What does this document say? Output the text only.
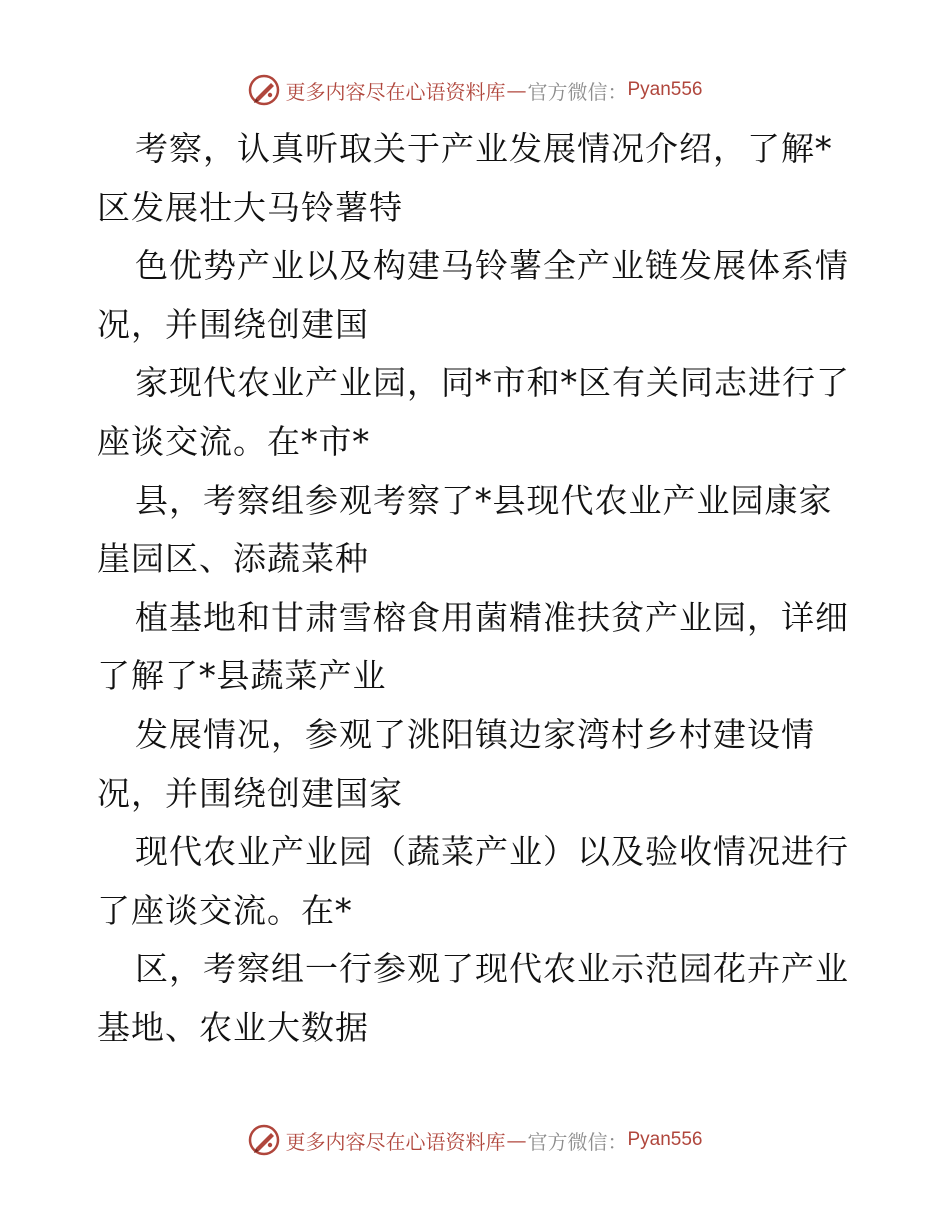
更多内容尽在心语资料库 — 官方微信： Pyan556
考察，认真听取关于产业发展情况介绍，了解*
区发展壮大马铃薯特
色优势产业以及构建马铃薯全产业链发展体系情
况，并围绕创建国
家现代农业产业园，同*市和*区有关同志进行了
座谈交流。在*市*
县，考察组参观考察了*县现代农业产业园康家
崖园区、添蔬菜种
植基地和甘肃雪榕食用菌精准扶贫产业园，详细
了解了*县蔬菜产业
发展情况，参观了洮阳镇边家湾村乡村建设情
况，并围绕创建国家
现代农业产业园（蔬菜产业）以及验收情况进行
了座谈交流。在*
区，考察组一行参观了现代农业示范园花卉产业
基地、农业大数据
更多内容尽在心语资料库 — 官方微信： Pyan556
